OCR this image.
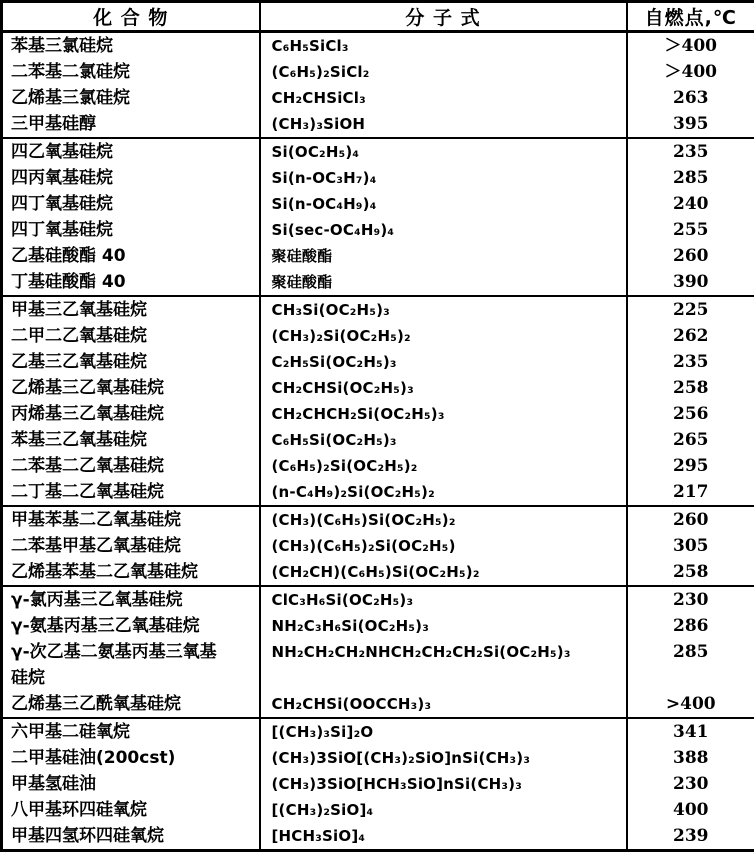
化 合 物	分 子 式	自燃点,℃
苯基三氯硅烷	C₆H₅SiCl₃	＞400
二苯基二氯硅烷	(C₆H₅)₂SiCl₂	＞400
乙烯基三氯硅烷	CH₂CHSiCl₃	263
三甲基硅醇	(CH₃)₃SiOH	395
四乙氧基硅烷	Si(OC₂H₅)₄	235
四丙氧基硅烷	Si(n-OC₃H₇)₄	285
四丁氧基硅烷	Si(n-OC₄H₉)₄	240
四丁氧基硅烷	Si(sec-OC₄H₉)₄	255
乙基硅酸酯 40	聚硅酸酯	260
丁基硅酸酯 40	聚硅酸酯	390
甲基三乙氧基硅烷	CH₃Si(OC₂H₅)₃	225
二甲二乙氧基硅烷	(CH₃)₂Si(OC₂H₅)₂	262
乙基三乙氧基硅烷	C₂H₅Si(OC₂H₅)₃	235
乙烯基三乙氧基硅烷	CH₂CHSi(OC₂H₅)₃	258
丙烯基三乙氧基硅烷	CH₂CHCH₂Si(OC₂H₅)₃	256
苯基三乙氧基硅烷	C₆H₅Si(OC₂H₅)₃	265
二苯基二乙氧基硅烷	(C₆H₅)₂Si(OC₂H₅)₂	295
二丁基二乙氧基硅烷	(n-C₄H₉)₂Si(OC₂H₅)₂	217
甲基苯基二乙氧基硅烷	(CH₃)(C₆H₅)Si(OC₂H₅)₂	260
二苯基甲基乙氧基硅烷	(CH₃)(C₆H₅)₂Si(OC₂H₅)	305
乙烯基苯基二乙氧基硅烷	(CH₂CH)(C₆H₅)Si(OC₂H₅)₂	258
γ-氯丙基三乙氧基硅烷	ClC₃H₆Si(OC₂H₅)₃	230
γ-氨基丙基三乙氧基硅烷	NH₂C₃H₆Si(OC₂H₅)₃	286
γ-次乙基二氨基丙基三氧基硅烷	NH₂CH₂CH₂NHCH₂CH₂CH₂Si(OC₂H₅)₃	285
乙烯基三乙酰氧基硅烷	CH₂CHSi(OOCCH₃)₃	>400
六甲基二硅氧烷	[(CH₃)₃Si]₂O	341
二甲基硅油(200cst)	(CH₃)3SiO[(CH₃)₂SiO]nSi(CH₃)₃	388
甲基氢硅油	(CH₃)3SiO[HCH₃SiO]nSi(CH₃)₃	230
八甲基环四硅氧烷	[(CH₃)₂SiO]₄	400
甲基四氢环四硅氧烷	[HCH₃SiO]₄	239
